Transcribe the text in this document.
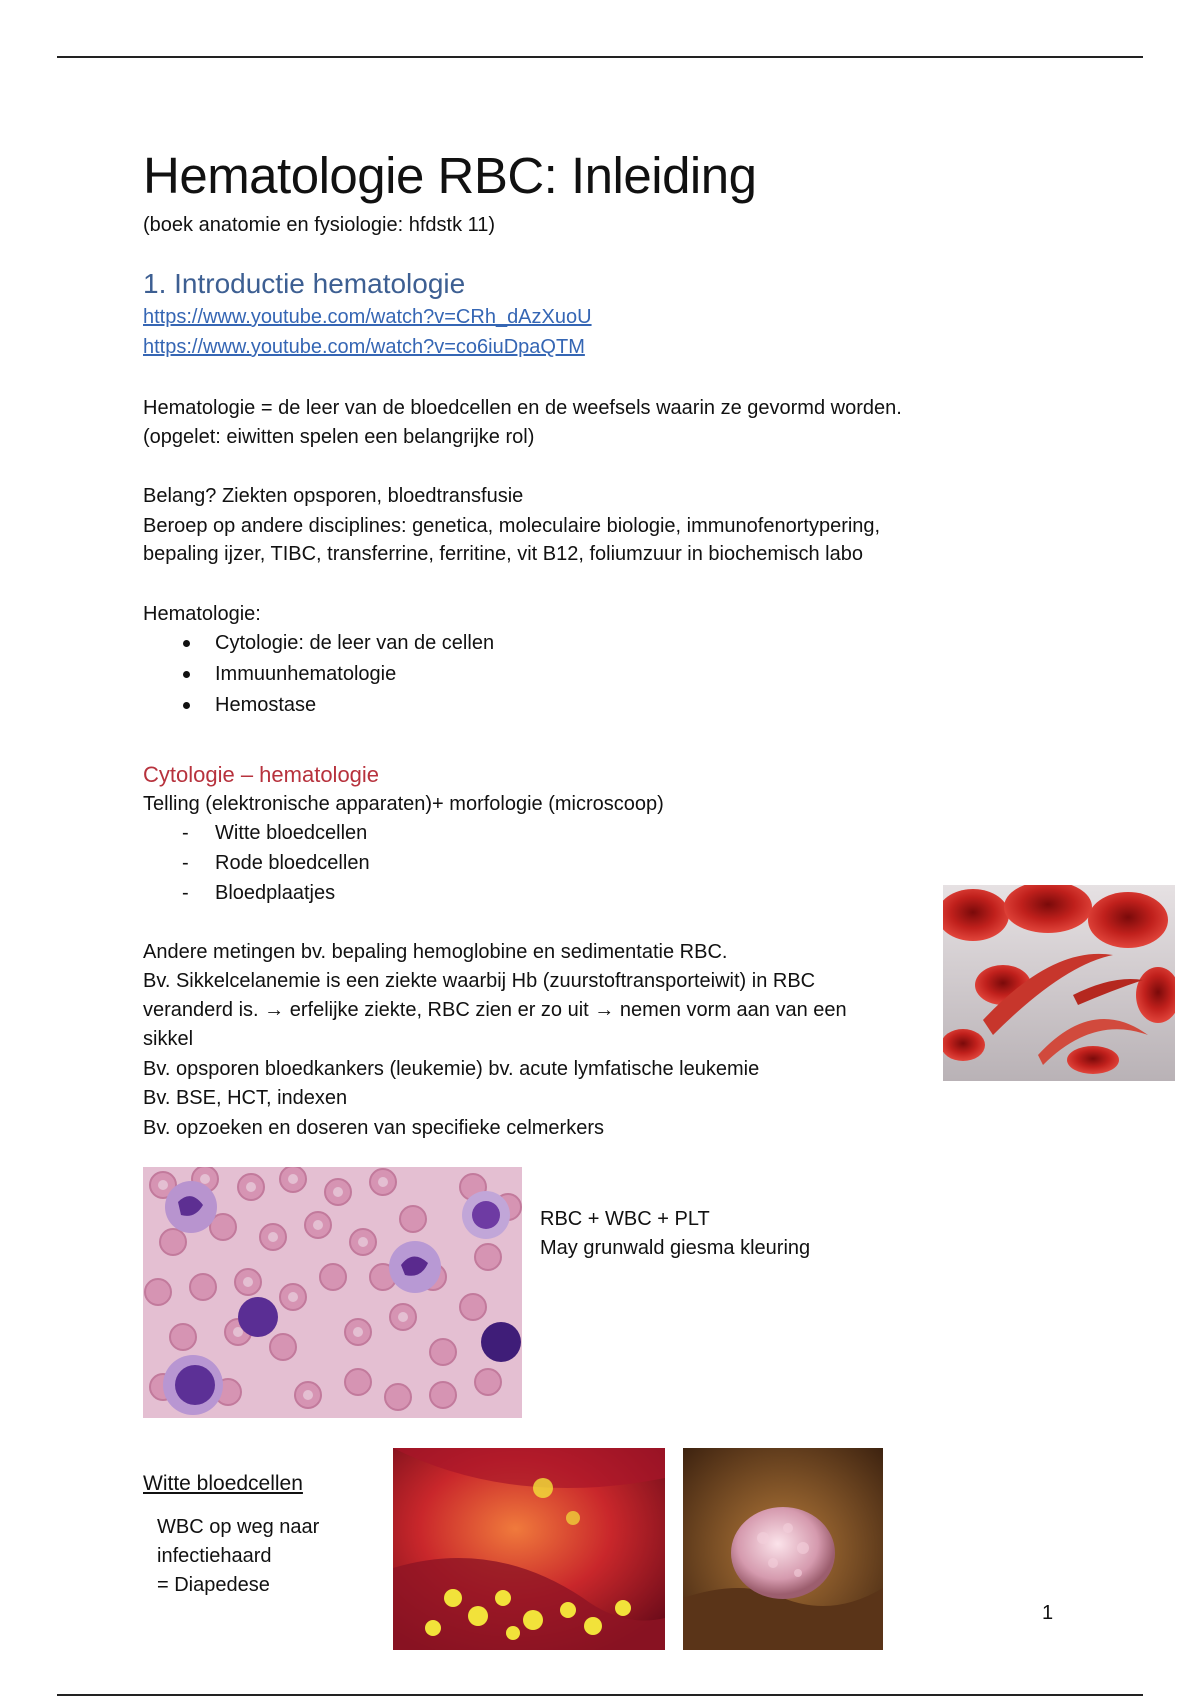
Hematologie RBC: Inleiding
(boek anatomie en fysiologie: hfdstk 11)
1. Introductie hematologie
https://www.youtube.com/watch?v=CRh_dAzXuoU
https://www.youtube.com/watch?v=co6iuDpaQTM
Hematologie = de leer van de bloedcellen en de weefsels waarin ze gevormd worden.
(opgelet: eiwitten spelen een belangrijke rol)
Belang? Ziekten opsporen, bloedtransfusie
Beroep op andere disciplines: genetica, moleculaire biologie, immunofenortypering,
bepaling ijzer, TIBC, transferrine, ferritine, vit B12, foliumzuur in biochemisch labo
Hematologie:
Cytologie: de leer van de cellen
Immuunhematologie
Hemostase
Cytologie – hematologie
Telling (elektronische apparaten)+ morfologie (microscoop)
- Witte bloedcellen
- Rode bloedcellen
- Bloedplaatjes
Andere metingen bv. bepaling hemoglobine en sedimentatie RBC.
Bv. Sikkelcelanemie is een ziekte waarbij Hb (zuurstoftransporteiwit) in RBC
veranderd is. → erfelijke ziekte, RBC zien er zo uit → nemen vorm aan van een
sikkel
Bv. opsporen bloedkankers (leukemie) bv. acute lymfatische leukemie
Bv. BSE, HCT, indexen
Bv. opzoeken en doseren van specifieke celmerkers
RBC + WBC + PLT
May grunwald giesma kleuring
Witte bloedcellen
WBC op weg naar
infectiehaard
= Diapedese
1
